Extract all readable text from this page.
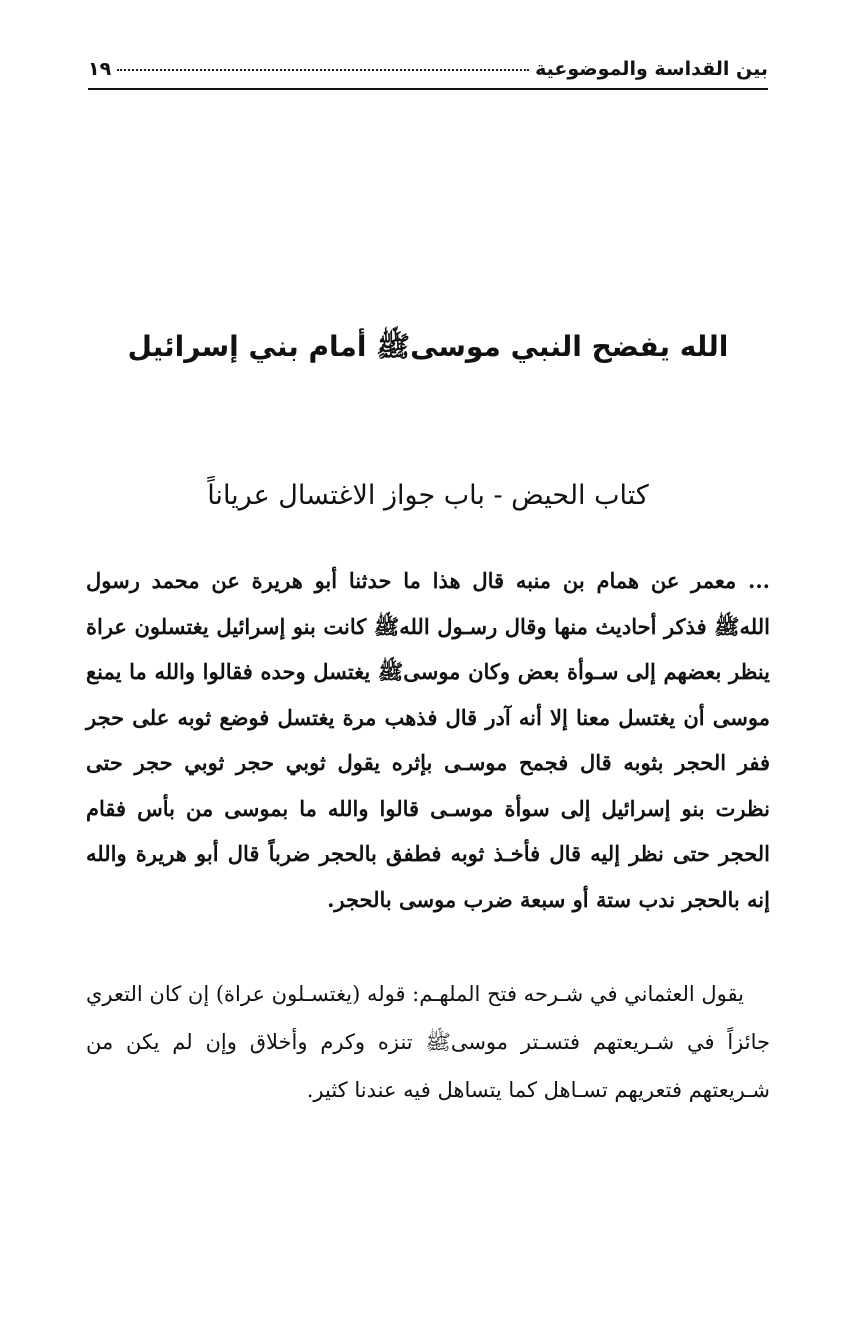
بين القداسة والموضوعية
١٩
الله يفضح النبي موسىﷺ أمام بني إسرائيل
كتاب الحيض - باب جواز الاغتسال عرياناً

... معمر عن همام بن منبه قال هذا ما حدثنا أبو هريرة عن محمد رسول اللهﷺ فذكر أحاديث منها وقال رسـول اللهﷺ كانت بنو إسرائيل يغتسلون عراة ينظر بعضهم إلى سـوأة بعض وكان موسىﷺ يغتسل وحده فقالوا والله ما يمنع موسى أن يغتسل معنا إلا أنه آدر قال فذهب مرة يغتسل فوضع ثوبه على حجر ففر الحجر بثوبه قال فجمح موسـى بإثره يقول ثوبي حجر ثوبي حجر حتى نظرت بنو إسرائيل إلى سوأة موسـى قالوا والله ما بموسى من بأس فقام الحجر حتى نظر إليه قال فأخـذ ثوبه فطفق بالحجر ضرباً قال أبو هريرة والله إنه بالحجر ندب ستة أو سبعة ضرب موسى بالحجر.

يقول العثماني في شـرحه فتح الملهـم: قوله (يغتسـلون عراة) إن كان التعري جائزاً في شـريعتهم فتسـتر موسىﷺ تنزه وكرم وأخلاق وإن لم يكن من شـريعتهم فتعريهم تسـاهل كما يتساهل فيه عندنا كثير.
